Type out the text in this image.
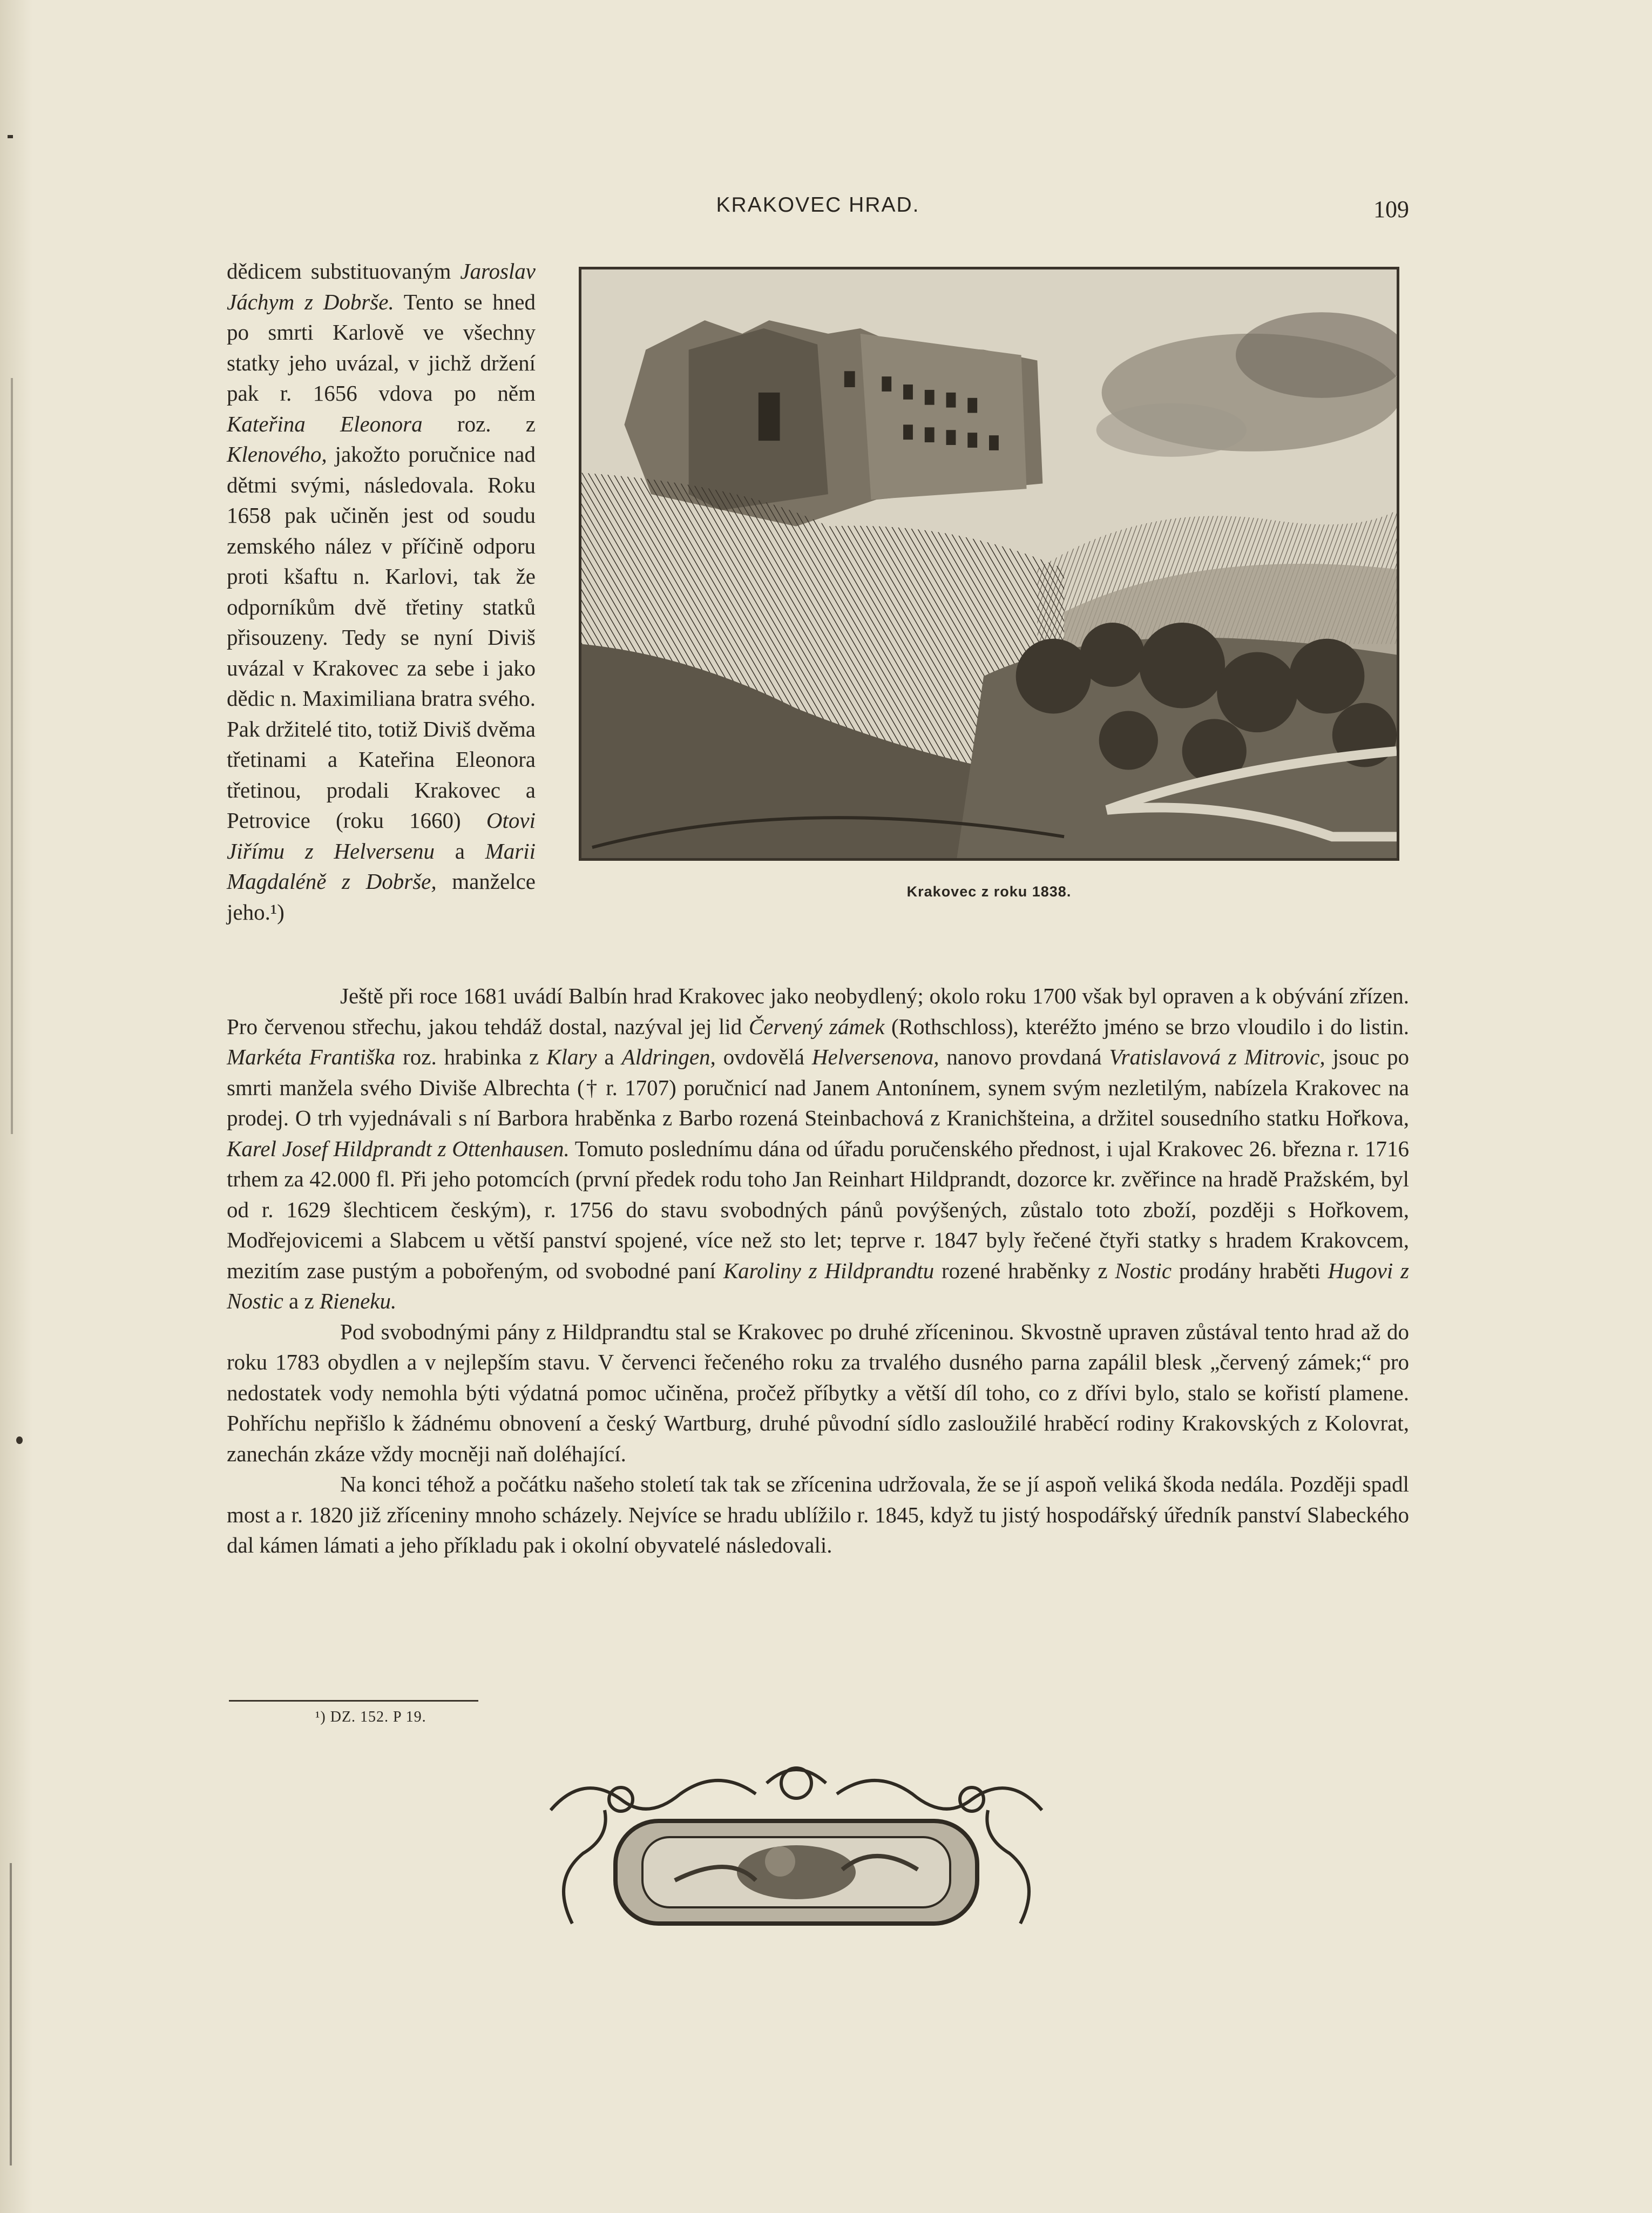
KRAKOVEC HRAD.	109

dědicem substituovaným Jaroslav Jáchym z Dobrše. Tento se hned po smrti Karlově ve všechny statky jeho uvázal, v jichž držení pak r. 1656 vdova po něm Kateřina Eleonora roz. z Klenového, jakožto poručnice nad dětmi svými, následovala. Roku 1658 pak učiněn jest od soudu zemského nález v příčině odporu proti kšaftu n. Karlovi, tak že odporníkům dvě třetiny statků přisouzeny. Tedy se nyní Diviš uvázal v Krakovec za sebe i jako dědic n. Maximiliana bratra svého. Pak držitelé tito, totiž Diviš dvěma třetinami a Kateřina Eleonora třetinou, prodali Krakovec a Petrovice (roku 1660) Otovi Jiřímu z Helversenu a Marii Magdaléně z Dobrše, manželce jeho.¹)

Krakovec z roku 1838.

Ještě při roce 1681 uvádí Balbín hrad Krakovec jako neobydlený; okolo roku 1700 však byl opraven a k obývání zřízen. Pro červenou střechu, jakou tehdáž dostal, nazýval jej lid Červený zámek (Rothschloss), kteréžto jméno se brzo vloudilo i do listin. Markéta Františka roz. hrabinka z Klary a Aldringen, ovdovělá Helversenova, nanovo provdaná Vratislavová z Mitrovic, jsouc po smrti manžela svého Diviše Albrechta († r. 1707) poručnicí nad Janem Antonínem, synem svým nezletilým, nabízela Krakovec na prodej. O trh vyjednávali s ní Barbora hraběnka z Barbo rozená Steinbachová z Kranichšteina, a držitel sousedního statku Hořkova, Karel Josef Hildprandt z Ottenhausen. Tomuto poslednímu dána od úřadu poručenského přednost, i ujal Krakovec 26. března r. 1716 trhem za 42.000 fl. Při jeho potomcích (první předek rodu toho Jan Reinhart Hildprandt, dozorce kr. zvěřince na hradě Pražském, byl od r. 1629 šlechticem českým), r. 1756 do stavu svobodných pánů povýšených, zůstalo toto zboží, později s Hořkovem, Modřejovicemi a Slabcem u větší panství spojené, více než sto let; teprve r. 1847 byly řečené čtyři statky s hradem Krakovcem, mezitím zase pustým a pobořeným, od svobodné paní Karoliny z Hildprandtu rozené hraběnky z Nostic prodány hraběti Hugovi z Nostic a z Rieneku.

Pod svobodnými pány z Hildprandtu stal se Krakovec po druhé zříceninou. Skvostně upraven zůstával tento hrad až do roku 1783 obydlen a v nejlepším stavu. V červenci řečeného roku za trvalého dusného parna zapálil blesk „červený zámek;“ pro nedostatek vody nemohla býti výdatná pomoc učiněna, pročež příbytky a větší díl toho, co z dřívi bylo, stalo se kořistí plamene. Pohříchu nepřišlo k žádnému obnovení a český Wartburg, druhé původní sídlo zasloužilé hraběcí rodiny Krakovských z Kolovrat, zanechán zkáze vždy mocněji naň doléhající.

Na konci téhož a počátku našeho století tak tak se zřícenina udržovala, že se jí aspoň veliká škoda nedála. Později spadl most a r. 1820 již zříceniny mnoho scházely. Nejvíce se hradu ublížilo r. 1845, když tu jistý hospodářský úředník panství Slabeckého dal kámen lámati a jeho příkladu pak i okolní obyvatelé následovali.

¹) DZ. 152. P 19.
